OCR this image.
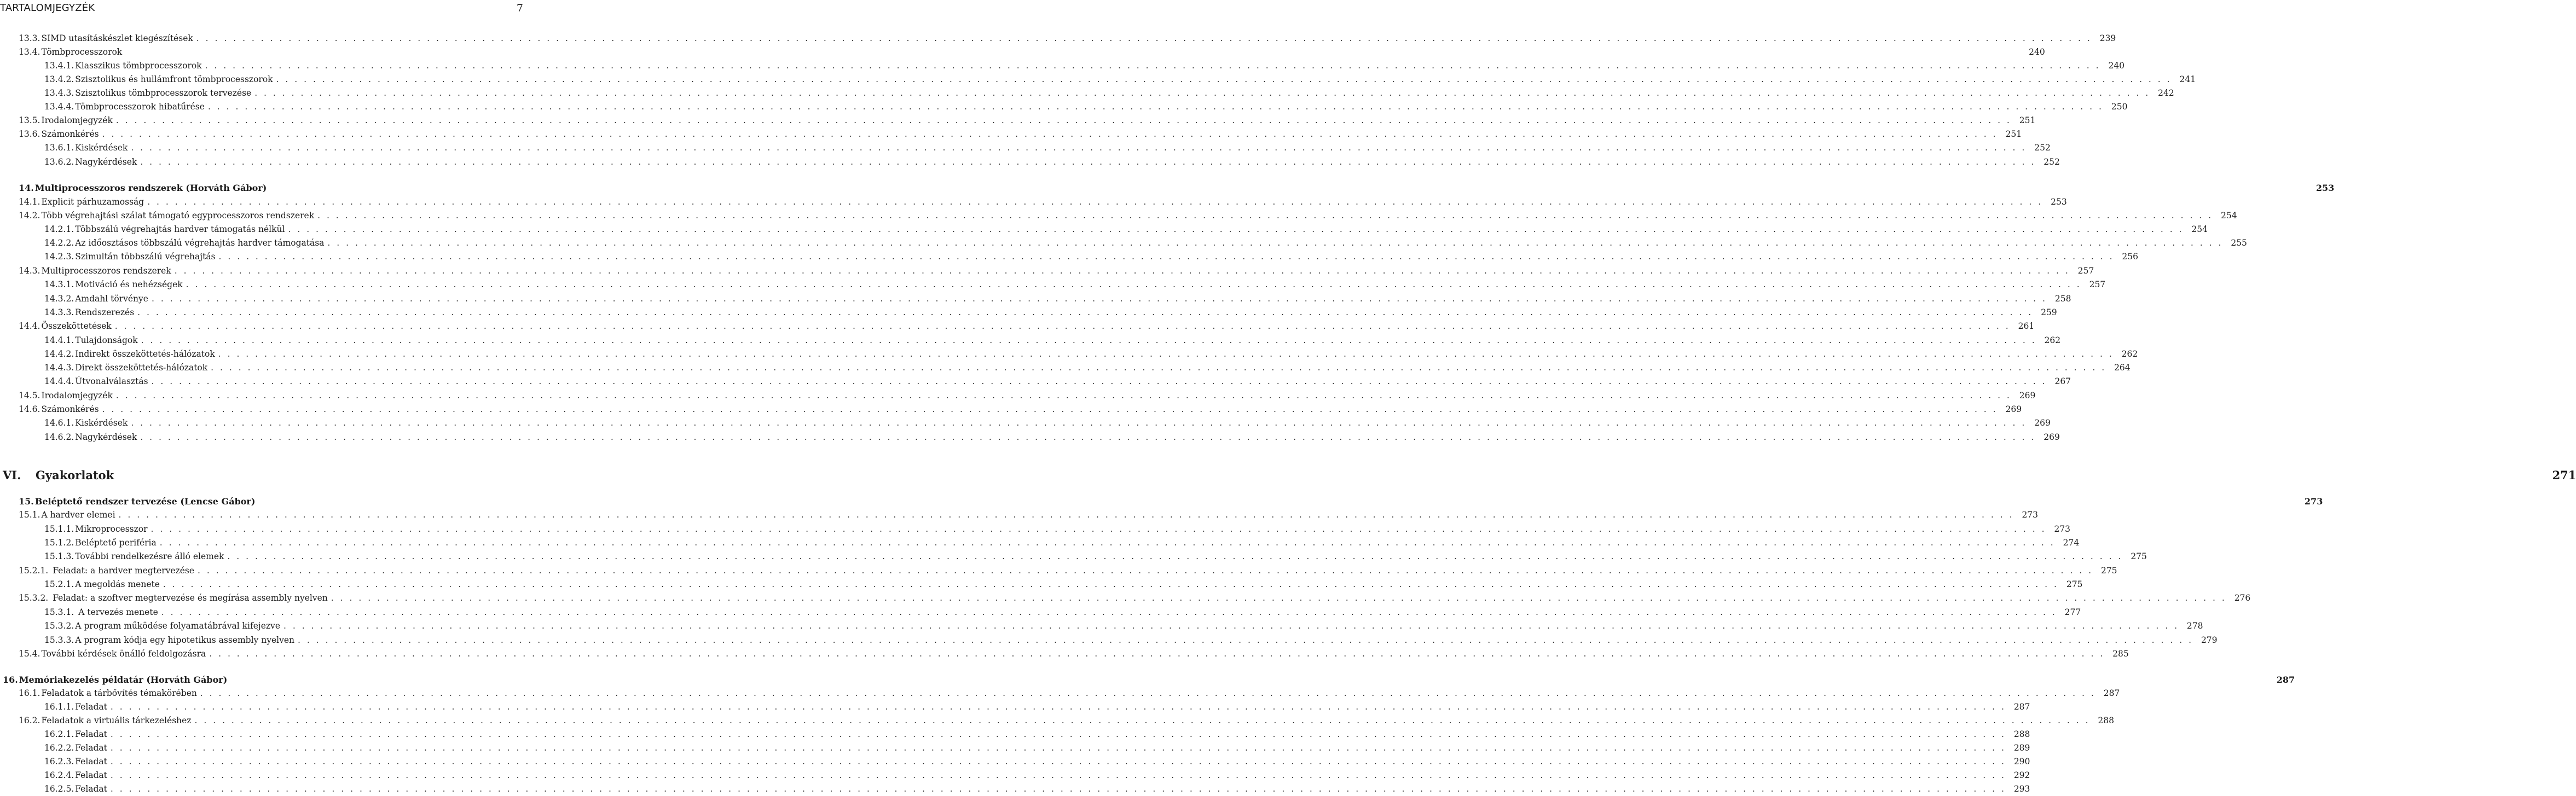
TARTALOMJEGYZÉK	7
13.3. SIMD utasításkészlet kiegészítések . . .	239
13.4. Tömbprocesszorok	240
13.4.1. Klasszikus tömbprocesszorok . . .	240
13.4.2. Szisztolikus és hullámfront tömbprocesszorok . . .	241
13.4.3. Szisztolikus tömbprocesszorok tervezése . . .	242
13.4.4. Tömbprocesszorok hibatűrése . . .	250
13.5. Irodalomjegyzék . . .	251
13.6. Számonkérés . . .	251
13.6.1. Kiskérdések . . .	252
13.6.2. Nagykérdések . . .	252
14. Multiprocesszoros rendszerek (Horváth Gábor)	253
14.1. Explicit párhuzamosság . . .	253
14.2. Több végrehajtási szálat támogató egyprocesszoros rendszerek . . .	254
14.2.1. Többszálú végrehajtás hardver támogatás nélkül . . .	254
14.2.2. Az időosztásos többszálú végrehajtás hardver támogatása . . .	255
14.2.3. Szimultán többszálú végrehajtás . . .	256
14.3. Multiprocesszoros rendszerek . . .	257
14.3.1. Motiváció és nehézségek . . .	257
14.3.2. Amdahl törvénye . . .	258
14.3.3. Rendszerezés . . .	259
14.4. Összeköttetések . . .	261
14.4.1. Tulajdonságok . . .	262
14.4.2. Indirekt összeköttetés-hálózatok . . .	262
14.4.3. Direkt összeköttetés-hálózatok . . .	264
14.4.4. Útvonalválasztás . . .	267
14.5. Irodalomjegyzék . . .	269
14.6. Számonkérés . . .	269
14.6.1. Kiskérdések . . .	269
14.6.2. Nagykérdések . . .	269
VI.	Gyakorlatok	271
15. Beléptető rendszer tervezése (Lencse Gábor)	273
15.1. A hardver elemei . . .	273
15.1.1. Mikroprocesszor . . .	273
15.1.2. Beléptető periféria . . .	274
15.1.3. További rendelkezésre álló elemek . . .	275
15.2.1. Feladat: a hardver megtervezése . . .	275
15.2.1. A megoldás menete . . .	275
15.3.2. Feladat: a szoftver megtervezése és megírása assembly nyelven . . .	276
15.3.1. A tervezés menete . . .	277
15.3.2. A program működése folyamatábrával kifejezve . . .	278
15.3.3. A program kódja egy hipotetikus assembly nyelven . . .	279
15.4. További kérdések önálló feldolgozásra . . .	285
16. Memóriakezelés példatár (Horváth Gábor)	287
16.1. Feladatok a tárbővítés témakörében . . .	287
16.1.1. Feladat . . .	287
16.2. Feladatok a virtuális tárkezeléshez . . .	288
16.2.1. Feladat . . .	288
16.2.2. Feladat . . .	289
16.2.3. Feladat . . .	290
16.2.4. Feladat . . .	292
16.2.5. Feladat . . .	293
